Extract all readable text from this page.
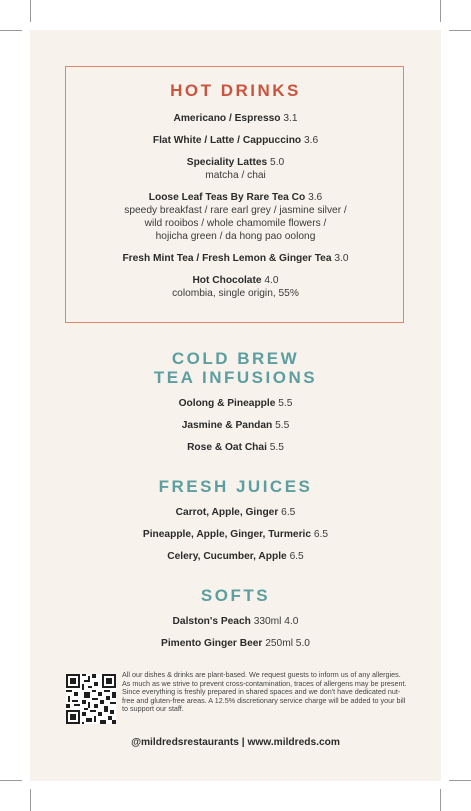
HOT DRINKS
Americano / Espresso 3.1
Flat White / Latte / Cappuccino 3.6
Speciality Lattes 5.0
matcha / chai
Loose Leaf Teas By Rare Tea Co 3.6
speedy breakfast / rare earl grey / jasmine silver /
wild rooibos / whole chamomile flowers /
hojicha green / da hong pao oolong
Fresh Mint Tea / Fresh Lemon & Ginger Tea 3.0
Hot Chocolate 4.0
colombia, single origin, 55%
COLD BREW
TEA INFUSIONS
Oolong & Pineapple 5.5
Jasmine & Pandan 5.5
Rose & Oat Chai 5.5
FRESH JUICES
Carrot, Apple, Ginger 6.5
Pineapple, Apple, Ginger, Turmeric 6.5
Celery, Cucumber, Apple 6.5
SOFTS
Dalston's Peach 330ml 4.0
Pimento Ginger Beer 250ml 5.0
All our dishes & drinks are plant-based. We request guests to inform us of any allergies. As much as we strive to prevent cross-contamination, traces of allergens may be present. Since everything is freshly prepared in shared spaces and we don't have dedicated nut-free and gluten-free areas. A 12.5% discretionary service charge will be added to your bill to support our staff.
@mildredsrestaurants | www.mildreds.com
